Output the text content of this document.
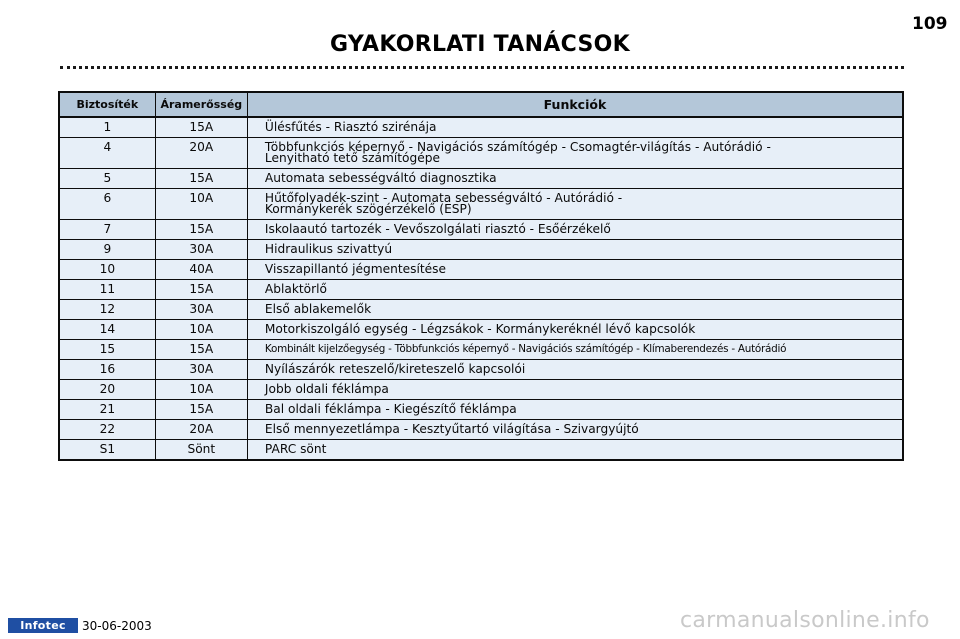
109
GYAKORLATI TANÁCSOK
Biztosíték	Áramerősség	Funkciók
1	15A	Ülésfűtés - Riasztó szirénája
4	20A	Többfunkciós képernyő - Navigációs számítógép - Csomagtér-világítás - Autórádió -
Lenyitható tető számítógépe
5	15A	Automata sebességváltó diagnosztika
6	10A	Hűtőfolyadék-szint - Automata sebességváltó - Autórádió -
Kormánykerék szögérzékelő (ESP)
7	15A	Iskolaautó tartozék - Vevőszolgálati riasztó - Esőérzékelő
9	30A	Hidraulikus szivattyú
10	40A	Visszapillantó jégmentesítése
11	15A	Ablaktörlő
12	30A	Első ablakemelők
14	10A	Motorkiszolgáló egység - Légzsákok - Kormánykeréknél lévő kapcsolók
15	15A	Kombinált kijelzőegység - Többfunkciós képernyő - Navigációs számítógép - Klímaberendezés - Autórádió
16	30A	Nyílászárók reteszelő/kireteszelő kapcsolói
20	10A	Jobb oldali féklámpa
21	15A	Bal oldali féklámpa - Kiegészítő féklámpa
22	20A	Első mennyezetlámpa - Kesztyűtartó világítása - Szivargyújtó
S1	Sönt	PARC sönt
Infotec	30-06-2003	carmanualsonline.info
